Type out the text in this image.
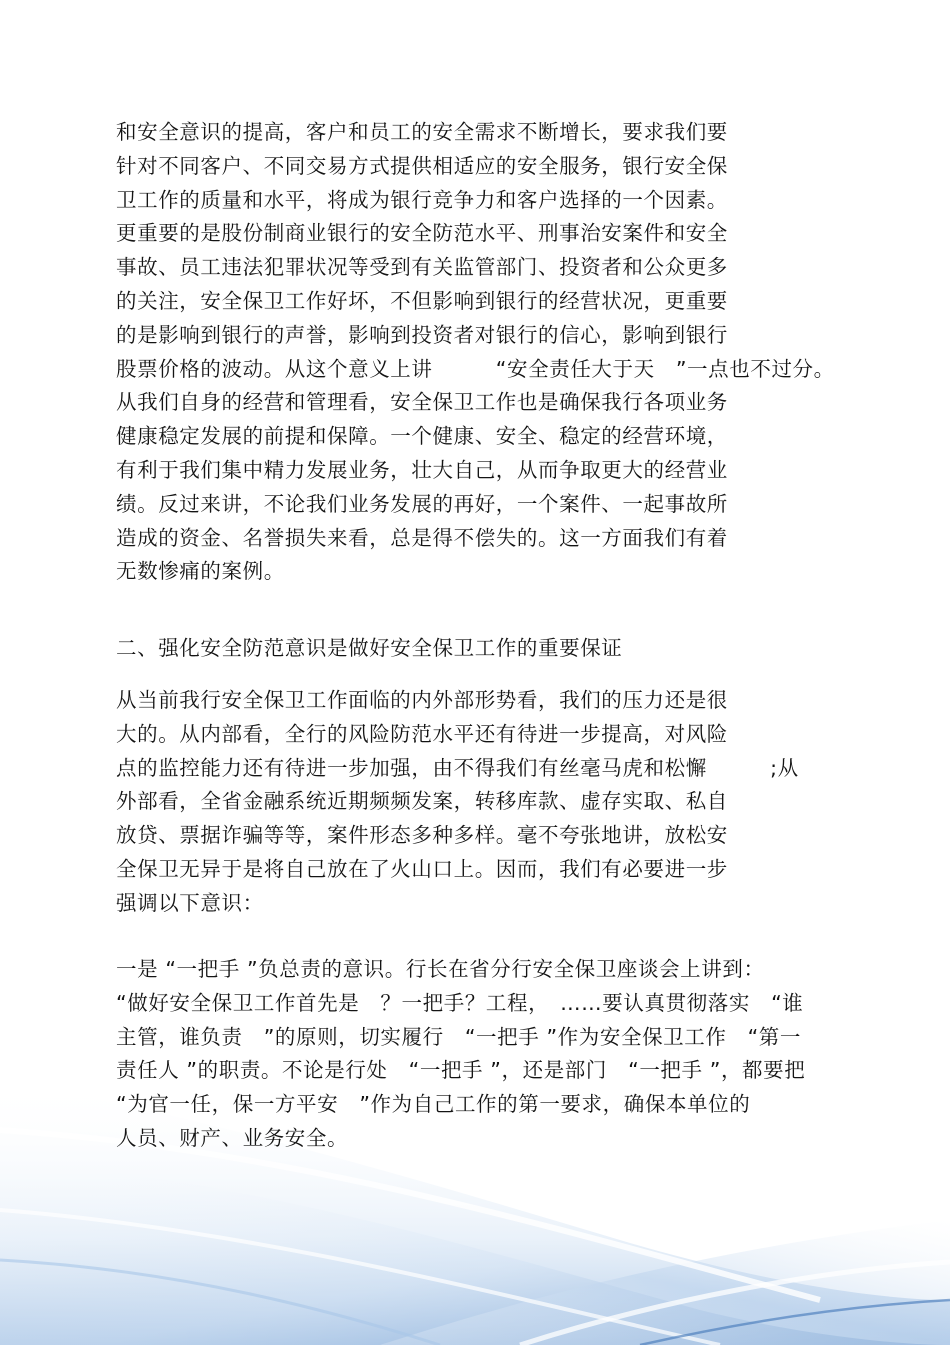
和安全意识的提高，客户和员工的安全需求不断增长，要求我们要

针对不同客户、不同交易方式提供相适应的安全服务，银行安全保

卫工作的质量和水平，将成为银行竞争力和客户选择的一个因素。

更重要的是股份制商业银行的安全防范水平、刑事治安案件和安全

事故、员工违法犯罪状况等受到有关监管部门、投资者和公众更多

的关注，安全保卫工作好坏，不但影响到银行的经营状况，更重要

的是影响到银行的声誉，影响到投资者对银行的信心，影响到银行

股票价格的波动。从这个意义上讲　　　“安全责任大于天　”一点也不过分。

从我们自身的经营和管理看，安全保卫工作也是确保我行各项业务

健康稳定发展的前提和保障。一个健康、安全、稳定的经营环境，

有利于我们集中精力发展业务，壮大自己，从而争取更大的经营业

绩。反过来讲，不论我们业务发展的再好，一个案件、一起事故所

造成的资金、名誉损失来看，总是得不偿失的。这一方面我们有着

无数惨痛的案例。

二、强化安全防范意识是做好安全保卫工作的重要保证

从当前我行安全保卫工作面临的内外部形势看，我们的压力还是很

大的。从内部看，全行的风险防范水平还有待进一步提高，对风险

点的监控能力还有待进一步加强，由不得我们有丝毫马虎和松懈　　　;从

外部看，全省金融系统近期频频发案，转移库款、虚存实取、私自

放贷、票据诈骗等等，案件形态多种多样。毫不夸张地讲，放松安

全保卫无异于是将自己放在了火山口上。因而，我们有必要进一步

强调以下意识：

一是 “一把手 ”负总责的意识。行长在省分行安全保卫座谈会上讲到：

“做好安全保卫工作首先是　？一把手？工程，　……要认真贯彻落实　“谁

主管，谁负责　”的原则，切实履行　“一把手 ”作为安全保卫工作　“第一

责任人 ”的职责。不论是行处　“一把手 ”，还是部门　“一把手 ”，都要把

“为官一任，保一方平安　”作为自己工作的第一要求，确保本单位的

人员、财产、业务安全。
